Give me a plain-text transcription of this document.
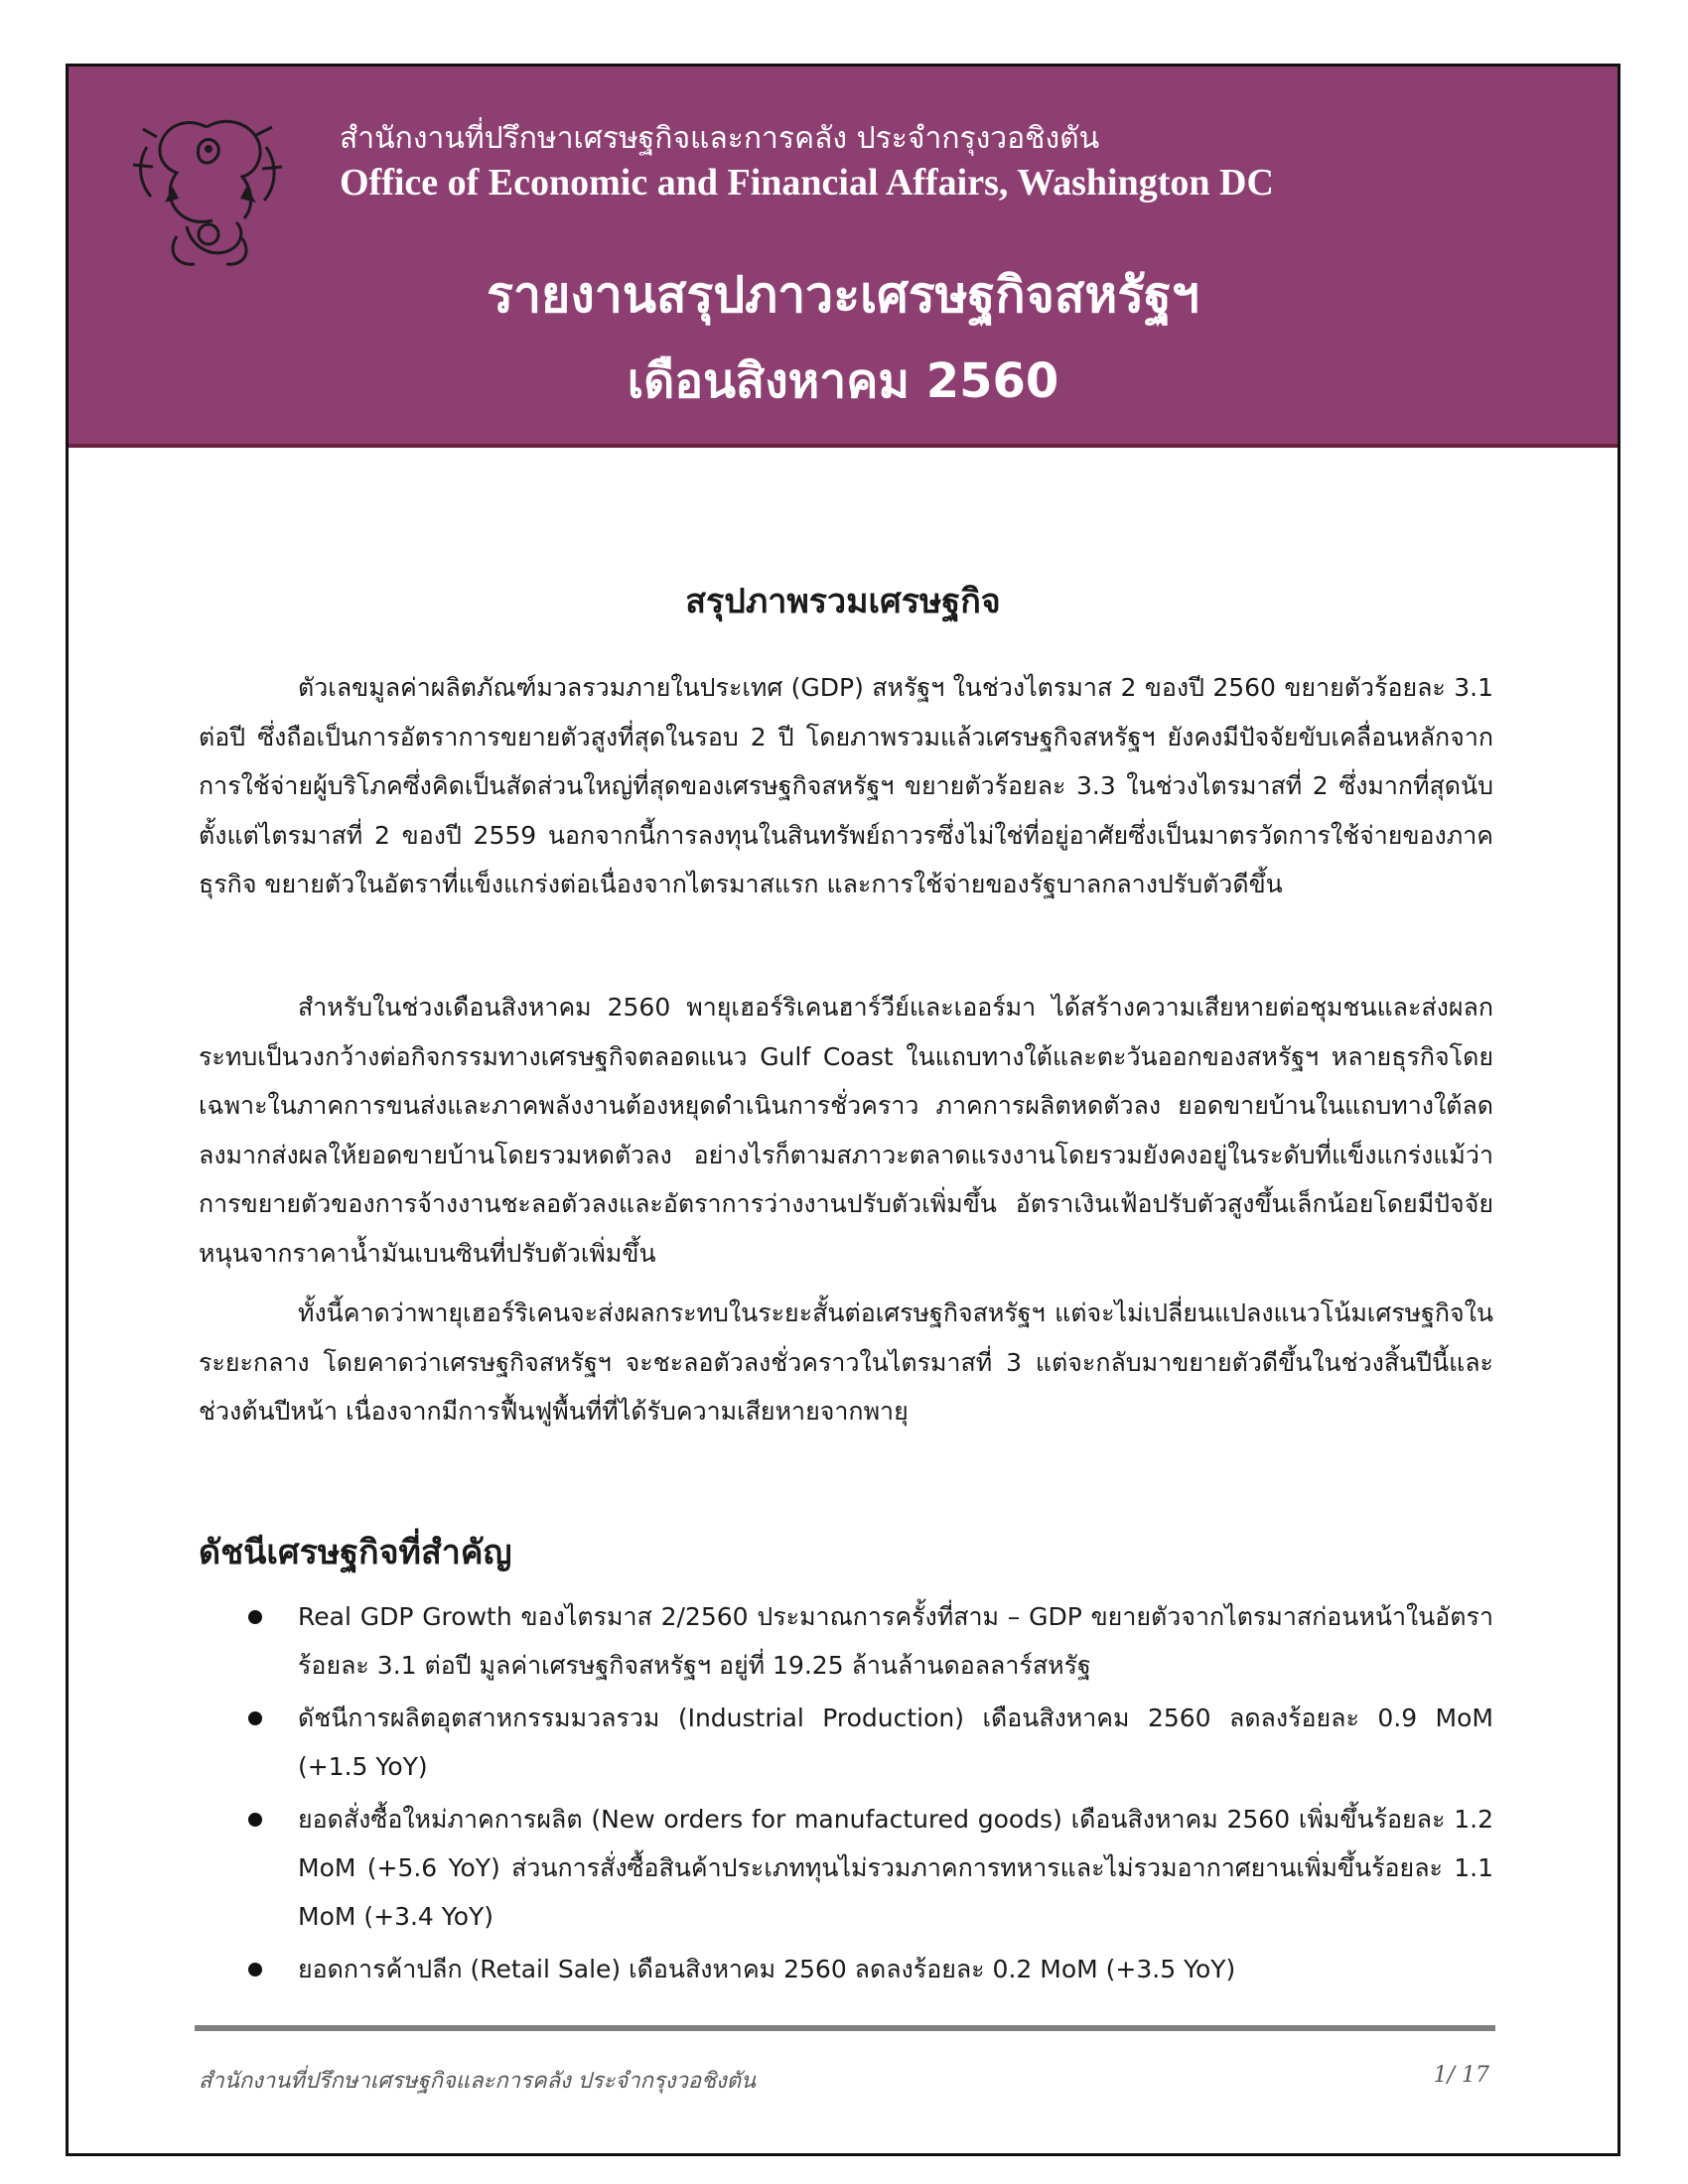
สำนักงานที่ปรึกษาเศรษฐกิจและการคลัง ประจำกรุงวอชิงตัน
Office of Economic and Financial Affairs, Washington DC
รายงานสรุปภาวะเศรษฐกิจสหรัฐฯ
เดือนสิงหาคม 2560
สรุปภาพรวมเศรษฐกิจ

ตัวเลขมูลค่าผลิตภัณฑ์มวลรวมภายในประเทศ (GDP) สหรัฐฯ ในช่วงไตรมาส 2 ของปี 2560 ขยายตัวร้อยละ 3.1 ต่อปี ซึ่งถือเป็นการอัตราการขยายตัวสูงที่สุดในรอบ 2 ปี โดยภาพรวมแล้วเศรษฐกิจสหรัฐฯ ยังคงมีปัจจัยขับเคลื่อนหลักจากการใช้จ่ายผู้บริโภคซึ่งคิดเป็นสัดส่วนใหญ่ที่สุดของเศรษฐกิจสหรัฐฯ ขยายตัวร้อยละ 3.3 ในช่วงไตรมาสที่ 2 ซึ่งมากที่สุดนับตั้งแต่ไตรมาสที่ 2 ของปี 2559 นอกจากนี้การลงทุนในสินทรัพย์ถาวรซึ่งไม่ใช่ที่อยู่อาศัยซึ่งเป็นมาตรวัดการใช้จ่ายของภาคธุรกิจ ขยายตัวในอัตราที่แข็งแกร่งต่อเนื่องจากไตรมาสแรก และการใช้จ่ายของรัฐบาลกลางปรับตัวดีขึ้น

สำหรับในช่วงเดือนสิงหาคม 2560 พายุเฮอร์ริเคนฮาร์วีย์และเออร์มา ได้สร้างความเสียหายต่อชุมชนและส่งผลกระทบเป็นวงกว้างต่อกิจกรรมทางเศรษฐกิจตลอดแนว Gulf Coast ในแถบทางใต้และตะวันออกของสหรัฐฯ หลายธุรกิจโดยเฉพาะในภาคการขนส่งและภาคพลังงานต้องหยุดดำเนินการชั่วคราว ภาคการผลิตหดตัวลง ยอดขายบ้านในแถบทางใต้ลดลงมากส่งผลให้ยอดขายบ้านโดยรวมหดตัวลง อย่างไรก็ตามสภาวะตลาดแรงงานโดยรวมยังคงอยู่ในระดับที่แข็งแกร่งแม้ว่าการขยายตัวของการจ้างงานชะลอตัวลงและอัตราการว่างงานปรับตัวเพิ่มขึ้น อัตราเงินเฟ้อปรับตัวสูงขึ้นเล็กน้อยโดยมีปัจจัยหนุนจากราคาน้ำมันเบนซินที่ปรับตัวเพิ่มขึ้น

ทั้งนี้คาดว่าพายุเฮอร์ริเคนจะส่งผลกระทบในระยะสั้นต่อเศรษฐกิจสหรัฐฯ แต่จะไม่เปลี่ยนแปลงแนวโน้มเศรษฐกิจในระยะกลาง โดยคาดว่าเศรษฐกิจสหรัฐฯ จะชะลอตัวลงชั่วคราวในไตรมาสที่ 3 แต่จะกลับมาขยายตัวดีขึ้นในช่วงสิ้นปีนี้และช่วงต้นปีหน้า เนื่องจากมีการฟื้นฟูพื้นที่ที่ได้รับความเสียหายจากพายุ

ดัชนีเศรษฐกิจที่สำคัญ
Real GDP Growth ของไตรมาส 2/2560 ประมาณการครั้งที่สาม – GDP ขยายตัวจากไตรมาสก่อนหน้าในอัตราร้อยละ 3.1 ต่อปี มูลค่าเศรษฐกิจสหรัฐฯ อยู่ที่ 19.25 ล้านล้านดอลลาร์สหรัฐ
ดัชนีการผลิตอุตสาหกรรมมวลรวม (Industrial Production) เดือนสิงหาคม 2560 ลดลงร้อยละ 0.9 MoM (+1.5 YoY)
ยอดสั่งซื้อใหม่ภาคการผลิต (New orders for manufactured goods) เดือนสิงหาคม 2560 เพิ่มขึ้นร้อยละ 1.2 MoM (+5.6 YoY) ส่วนการสั่งซื้อสินค้าประเภททุนไม่รวมภาคการทหารและไม่รวมอากาศยานเพิ่มขึ้นร้อยละ 1.1 MoM (+3.4 YoY)
ยอดการค้าปลีก (Retail Sale) เดือนสิงหาคม 2560 ลดลงร้อยละ 0.2 MoM (+3.5 YoY)
สำนักงานที่ปรึกษาเศรษฐกิจและการคลัง ประจำกรุงวอชิงตัน	1/ 17
